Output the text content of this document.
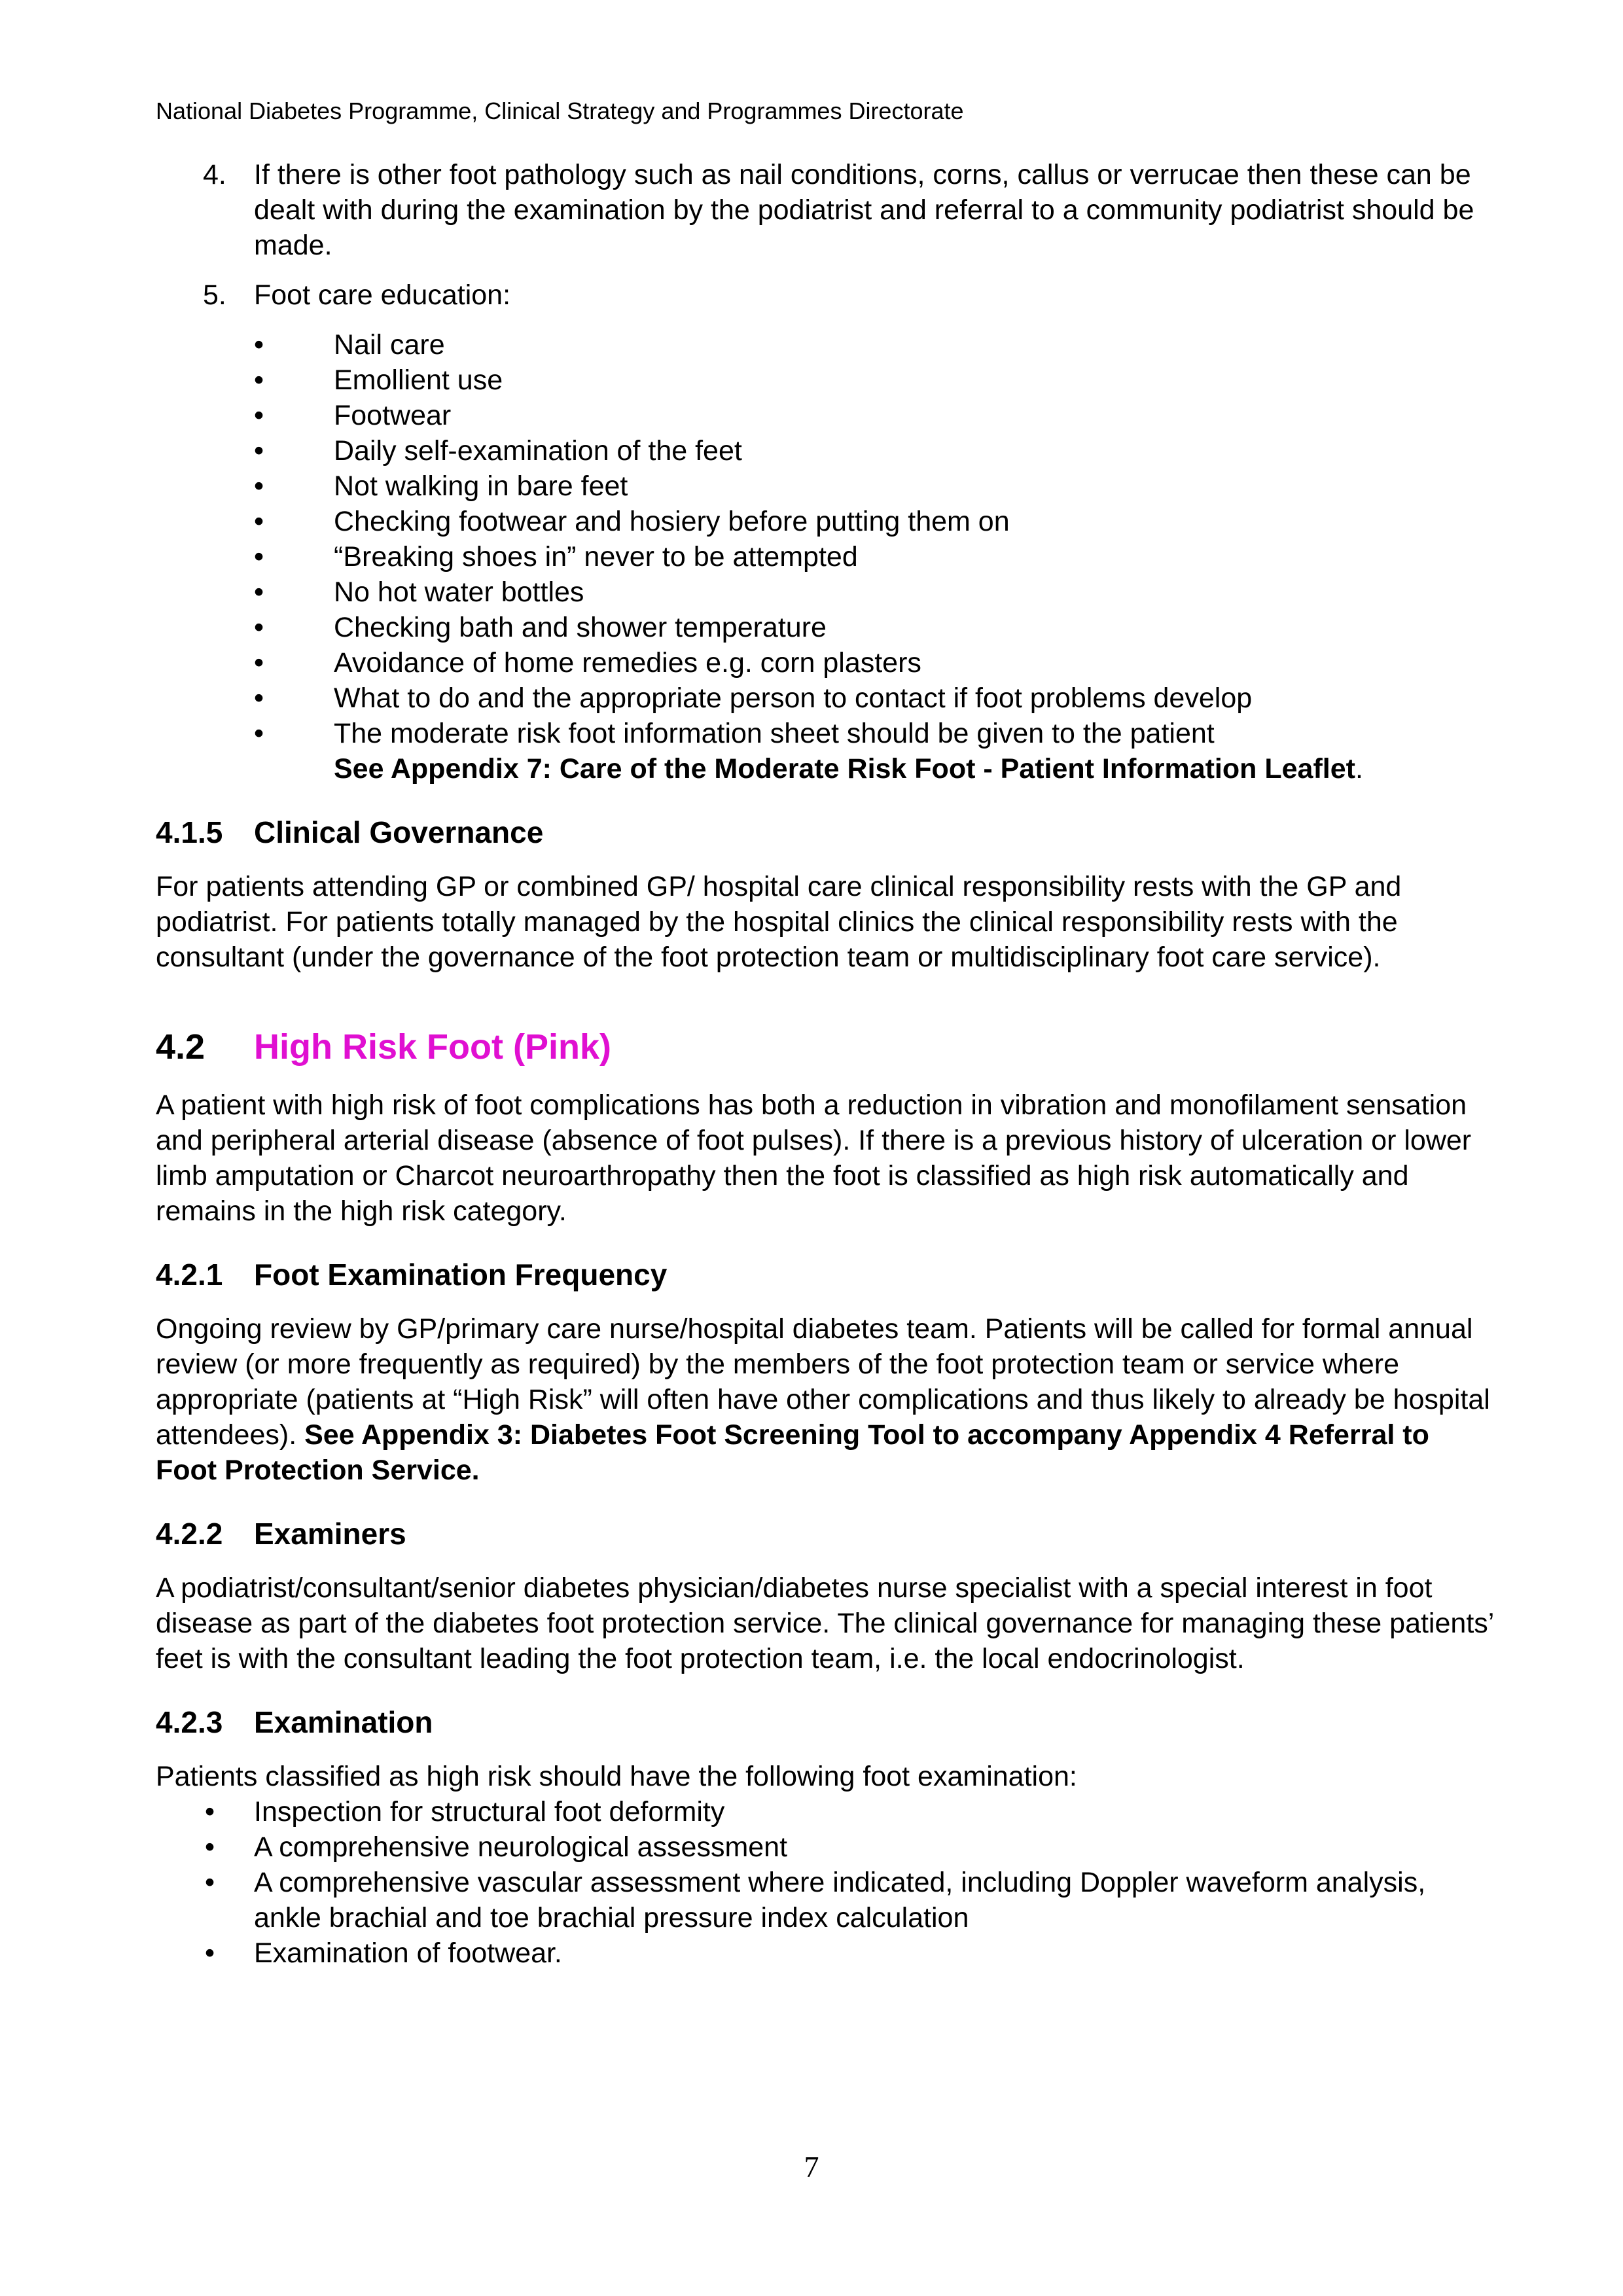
National Diabetes Programme, Clinical Strategy and Programmes Directorate
4. If there is other foot pathology such as nail conditions, corns, callus or verrucae then these can be dealt with during the examination by the podiatrist and referral to a community podiatrist should be made.
5. Foot care education:
• Nail care
• Emollient use
• Footwear
• Daily self-examination of the feet
• Not walking in bare feet
• Checking footwear and hosiery before putting them on
• “Breaking shoes in” never to be attempted
• No hot water bottles
• Checking bath and shower temperature
• Avoidance of home remedies e.g. corn plasters
• What to do and the appropriate person to contact if foot problems develop
• The moderate risk foot information sheet should be given to the patient
See Appendix 7: Care of the Moderate Risk Foot - Patient Information Leaflet.
4.1.5 Clinical Governance

For patients attending GP or combined GP/ hospital care clinical responsibility rests with the GP and podiatrist. For patients totally managed by the hospital clinics the clinical responsibility rests with the consultant (under the governance of the foot protection team or multidisciplinary foot care service).

4.2 High Risk Foot (Pink)

A patient with high risk of foot complications has both a reduction in vibration and monofilament sensation and peripheral arterial disease (absence of foot pulses). If there is a previous history of ulceration or lower limb amputation or Charcot neuroarthropathy then the foot is classified as high risk automatically and remains in the high risk category.

4.2.1 Foot Examination Frequency

Ongoing review by GP/primary care nurse/hospital diabetes team. Patients will be called for formal annual review (or more frequently as required) by the members of the foot protection team or service where appropriate (patients at “High Risk” will often have other complications and thus likely to already be hospital attendees). See Appendix 3: Diabetes Foot Screening Tool to accompany Appendix 4 Referral to Foot Protection Service.

4.2.2 Examiners

A podiatrist/consultant/senior diabetes physician/diabetes nurse specialist with a special interest in foot disease as part of the diabetes foot protection service. The clinical governance for managing these patients’ feet is with the consultant leading the foot protection team, i.e. the local endocrinologist.

4.2.3 Examination

Patients classified as high risk should have the following foot examination:

• Inspection for structural foot deformity
• A comprehensive neurological assessment
• A comprehensive vascular assessment where indicated, including Doppler waveform analysis, ankle brachial and toe brachial pressure index calculation
• Examination of footwear.
7
